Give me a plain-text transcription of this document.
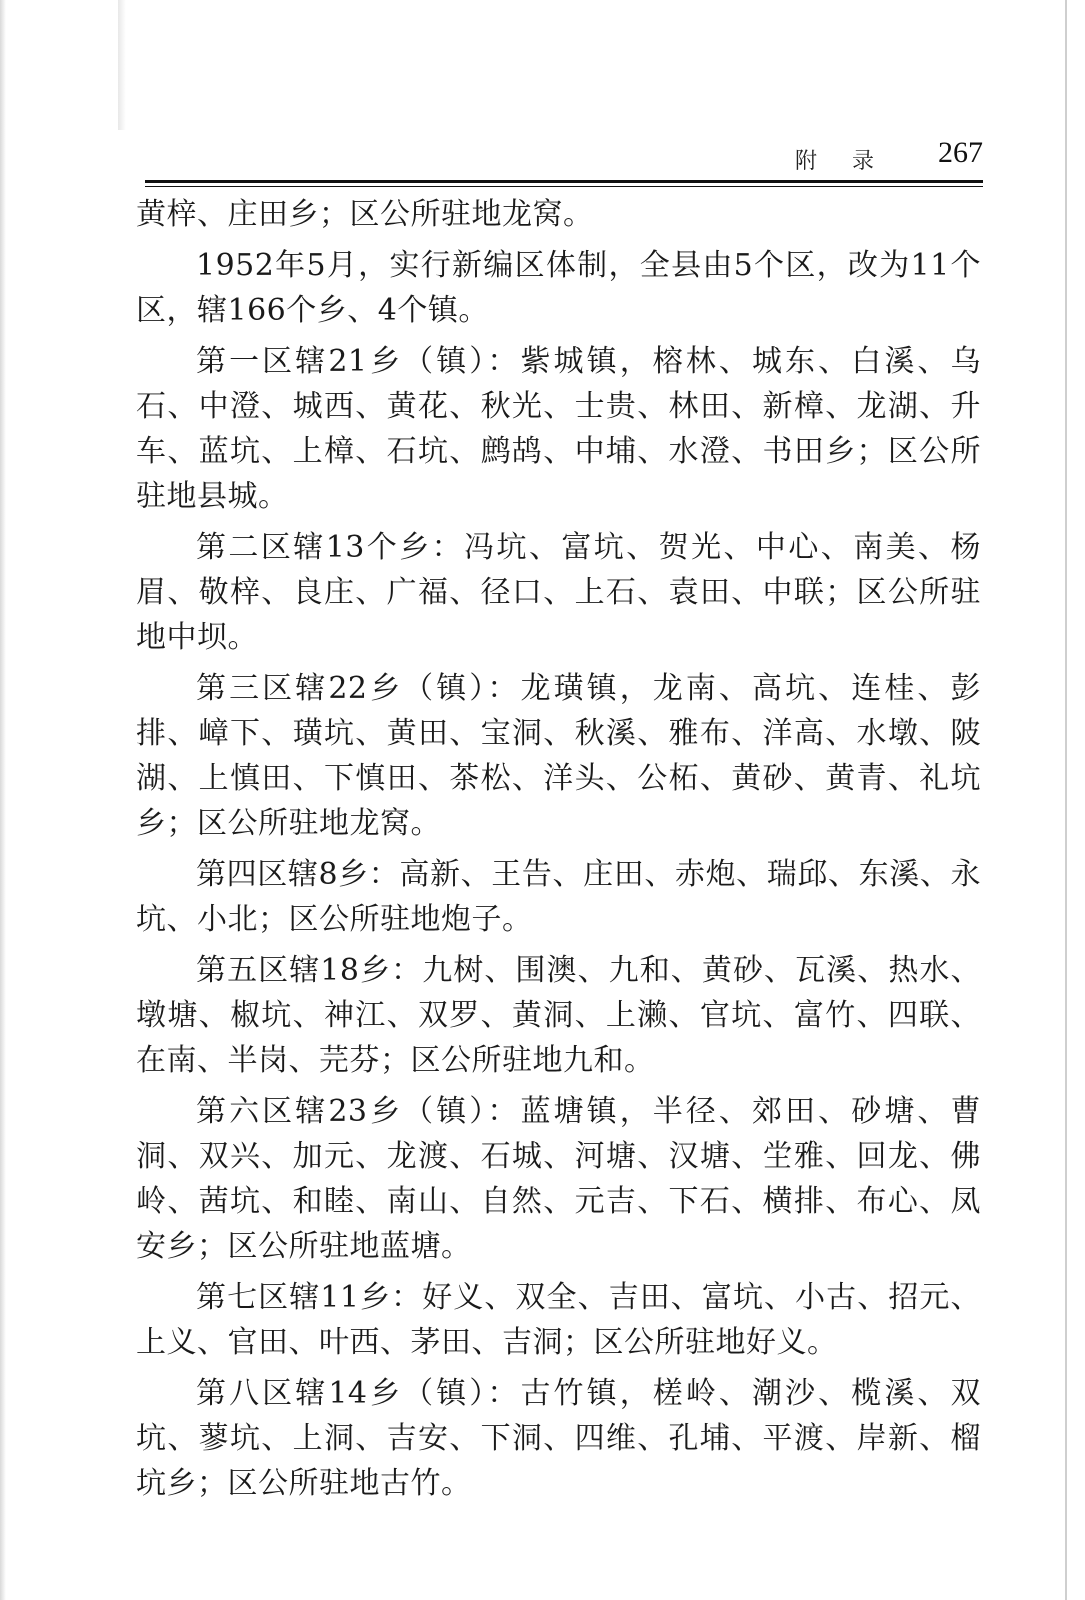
附 录 267

黄梓、庄田乡；区公所驻地龙窝。

1952年5月，实行新编区体制，全县由5个区，改为11个区，辖166个乡、4个镇。

第一区辖21乡（镇）：紫城镇，榕林、城东、白溪、乌石、中澄、城西、黄花、秋光、士贵、林田、新樟、龙湖、升车、蓝坑、上樟、石坑、鹧鸪、中埔、水澄、书田乡；区公所驻地县城。

第二区辖13个乡：冯坑、富坑、贺光、中心、南美、杨眉、敬梓、良庄、广福、径口、上石、袁田、中联；区公所驻地中坝。

第三区辖22乡（镇）：龙璜镇，龙南、高坑、连桂、彭排、嶂下、璜坑、黄田、宝洞、秋溪、雅布、洋高、水墩、陂湖、上慎田、下慎田、茶松、洋头、公柘、黄砂、黄青、礼坑乡；区公所驻地龙窝。

第四区辖8乡：高新、王告、庄田、赤炮、瑞邱、东溪、永坑、小北；区公所驻地炮子。

第五区辖18乡：九树、围澳、九和、黄砂、瓦溪、热水、墩塘、椒坑、神江、双罗、黄洞、上濑、官坑、富竹、四联、在南、半岗、芫芬；区公所驻地九和。

第六区辖23乡（镇）：蓝塘镇，半径、郊田、砂塘、曹洞、双兴、加元、龙渡、石城、河塘、汉塘、坣雅、回龙、佛岭、茜坑、和睦、南山、自然、元吉、下石、横排、布心、凤安乡；区公所驻地蓝塘。

第七区辖11乡：好义、双全、吉田、富坑、小古、招元、上义、官田、叶西、茅田、吉洞；区公所驻地好义。

第八区辖14乡（镇）：古竹镇，槎岭、潮沙、榄溪、双坑、蓼坑、上洞、吉安、下洞、四维、孔埔、平渡、岸新、榴坑乡；区公所驻地古竹。
